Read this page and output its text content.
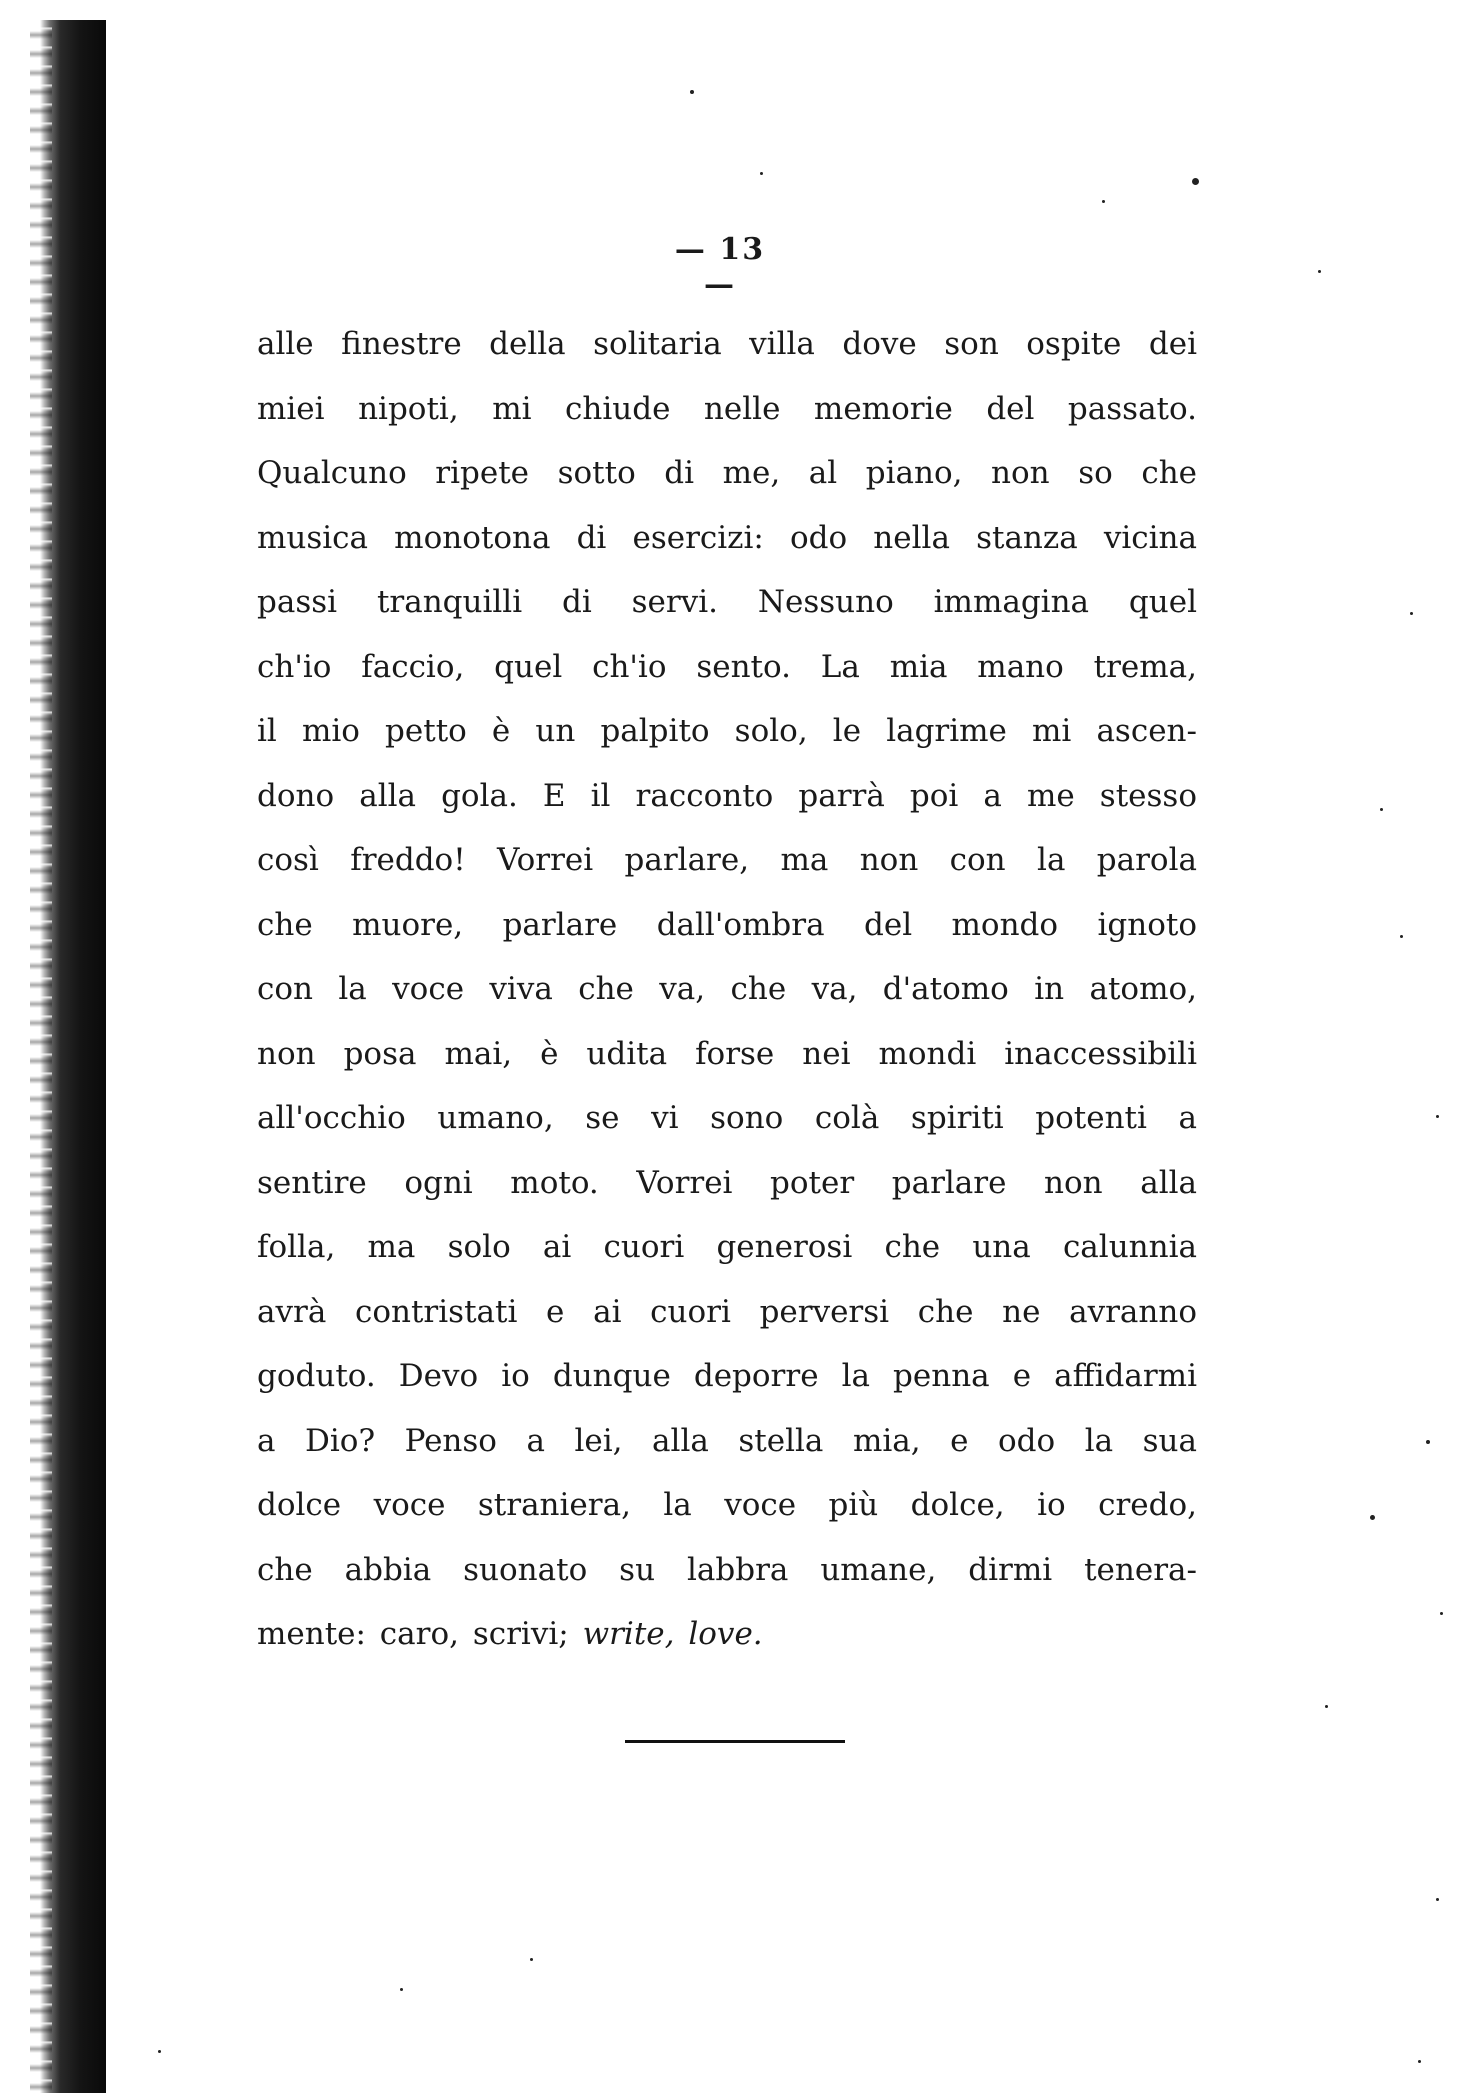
— 13 —
alle finestre della solitaria villa dove son ospite dei
miei nipoti, mi chiude nelle memorie del passato.
Qualcuno ripete sotto di me, al piano, non so che
musica monotona di esercizi: odo nella stanza vicina
passi tranquilli di servi. Nessuno immagina quel
ch'io faccio, quel ch'io sento. La mia mano trema,
il mio petto è un palpito solo, le lagrime mi ascen-
dono alla gola. E il racconto parrà poi a me stesso
così freddo! Vorrei parlare, ma non con la parola
che muore, parlare dall'ombra del mondo ignoto
con la voce viva che va, che va, d'atomo in atomo,
non posa mai, è udita forse nei mondi inaccessibili
all'occhio umano, se vi sono colà spiriti potenti a
sentire ogni moto. Vorrei poter parlare non alla
folla, ma solo ai cuori generosi che una calunnia
avrà contristati e ai cuori perversi che ne avranno
goduto. Devo io dunque deporre la penna e affidarmi
a Dio? Penso a lei, alla stella mia, e odo la sua
dolce voce straniera, la voce più dolce, io credo,
che abbia suonato su labbra umane, dirmi tenera-
mente: caro, scrivi; write, love.
